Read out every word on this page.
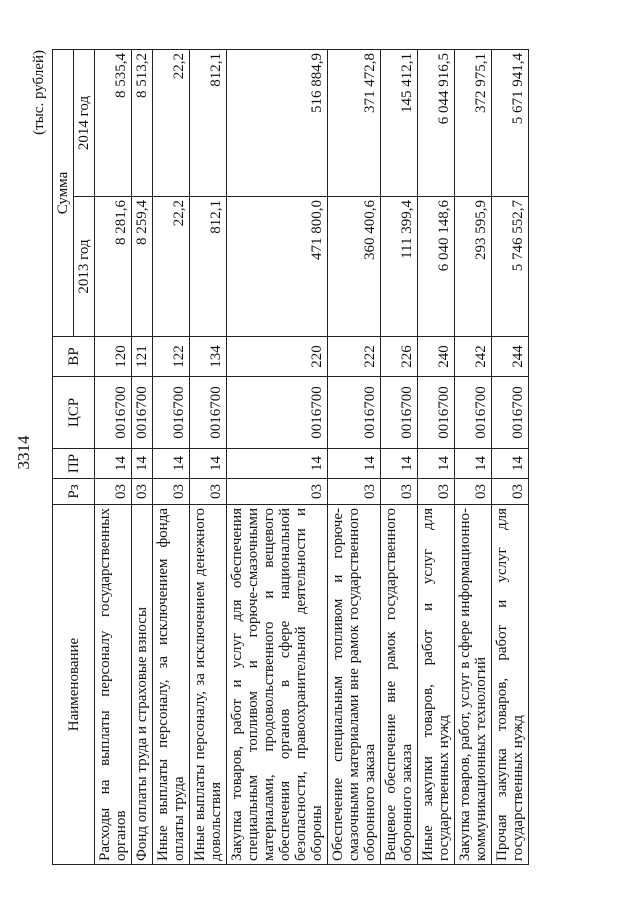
3314
(тыс. рублей)
Наименование	Рз	ПР	ЦСР	ВР	Сумма	
					2013 год	2014 год
Расходы на выплаты персоналу государственных органов	03	14	0016700	120	8 281,6	8 535,4
Фонд оплаты труда и страховые взносы	03	14	0016700	121	8 259,4	8 513,2
Иные выплаты персоналу, за исключением фонда оплаты труда	03	14	0016700	122	22,2	22,2
Иные выплаты персоналу, за исключением денежного довольствия	03	14	0016700	134	812,1	812,1
Закупка товаров, работ и услуг для обеспечения специальным топливом и горюче-смазочными материалами, продовольственного и вещевого обеспечения органов в сфере национальной безопасности, правоохранительной деятельности и обороны	03	14	0016700	220	471 800,0	516 884,9
Обеспечение специальным топливом и горюче-смазочными материалами вне рамок государственного оборонного заказа	03	14	0016700	222	360 400,6	371 472,8
Вещевое обеспечение вне рамок государственного оборонного заказа	03	14	0016700	226	111 399,4	145 412,1
Иные закупки товаров, работ и услуг для государственных нужд	03	14	0016700	240	6 040 148,6	6 044 916,5
Закупка товаров, работ, услуг в сфере информационно-коммуникационных технологий	03	14	0016700	242	293 595,9	372 975,1
Прочая закупка товаров, работ и услуг для государственных нужд	03	14	0016700	244	5 746 552,7	5 671 941,4
